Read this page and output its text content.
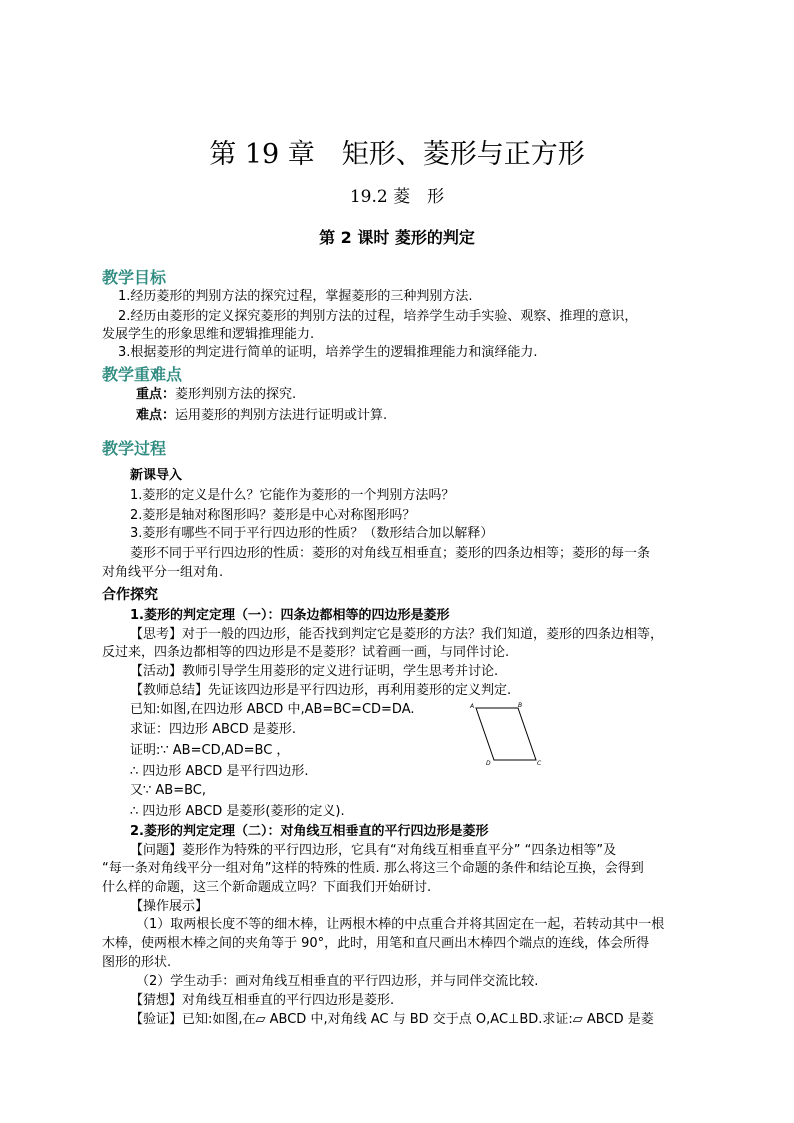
第 19 章　矩形、菱形与正方形
19.2 菱　形
第 2 课时 菱形的判定
教学目标
1.经历菱形的判别方法的探究过程，掌握菱形的三种判别方法.
2.经历由菱形的定义探究菱形的判别方法的过程，培养学生动手实验、观察、推理的意识，
发展学生的形象思维和逻辑推理能力.
3.根据菱形的判定进行简单的证明，培养学生的逻辑推理能力和演绎能力.
教学重难点
重点：菱形判别方法的探究.
难点：运用菱形的判别方法进行证明或计算.
教学过程
新课导入
1.菱形的定义是什么？它能作为菱形的一个判别方法吗？
2.菱形是轴对称图形吗？菱形是中心对称图形吗？
3.菱形有哪些不同于平行四边形的性质？（数形结合加以解释）
菱形不同于平行四边形的性质：菱形的对角线互相垂直；菱形的四条边相等；菱形的每一条
对角线平分一组对角.
合作探究
1.菱形的判定定理（一）：四条边都相等的四边形是菱形
【思考】对于一般的四边形，能否找到判定它是菱形的方法？我们知道，菱形的四条边相等，
反过来，四条边都相等的四边形是不是菱形？试着画一画，与同伴讨论.
【活动】教师引导学生用菱形的定义进行证明，学生思考并讨论.
【教师总结】先证该四边形是平行四边形，再利用菱形的定义判定.
已知:如图,在四边形 ABCD 中,AB=BC=CD=DA.
求证：四边形 ABCD 是菱形.
证明:∵ AB=CD,AD=BC ，
∴ 四边形 ABCD 是平行四边形.
又∵ AB=BC,
∴ 四边形 ABCD 是菱形(菱形的定义).
2.菱形的判定定理（二）：对角线互相垂直的平行四边形是菱形
【问题】菱形作为特殊的平行四边形，它具有“对角线互相垂直平分” “四条边相等”及
“每一条对角线平分一组对角”这样的特殊的性质. 那么将这三个命题的条件和结论互换，会得到
什么样的命题，这三个新命题成立吗？下面我们开始研讨.
【操作展示】
（1）取两根长度不等的细木棒，让两根木棒的中点重合并将其固定在一起，若转动其中一根
木棒，使两根木棒之间的夹角等于 90°，此时，用笔和直尺画出木棒四个端点的连线，体会所得
图形的形状.
（2）学生动手：画对角线互相垂直的平行四边形，并与同伴交流比较.
【猜想】对角线互相垂直的平行四边形是菱形.
【验证】已知:如图,在▱ ABCD 中,对角线 AC 与 BD 交于点 O,AC⊥BD.求证:▱ ABCD 是菱
A	B
C
D
